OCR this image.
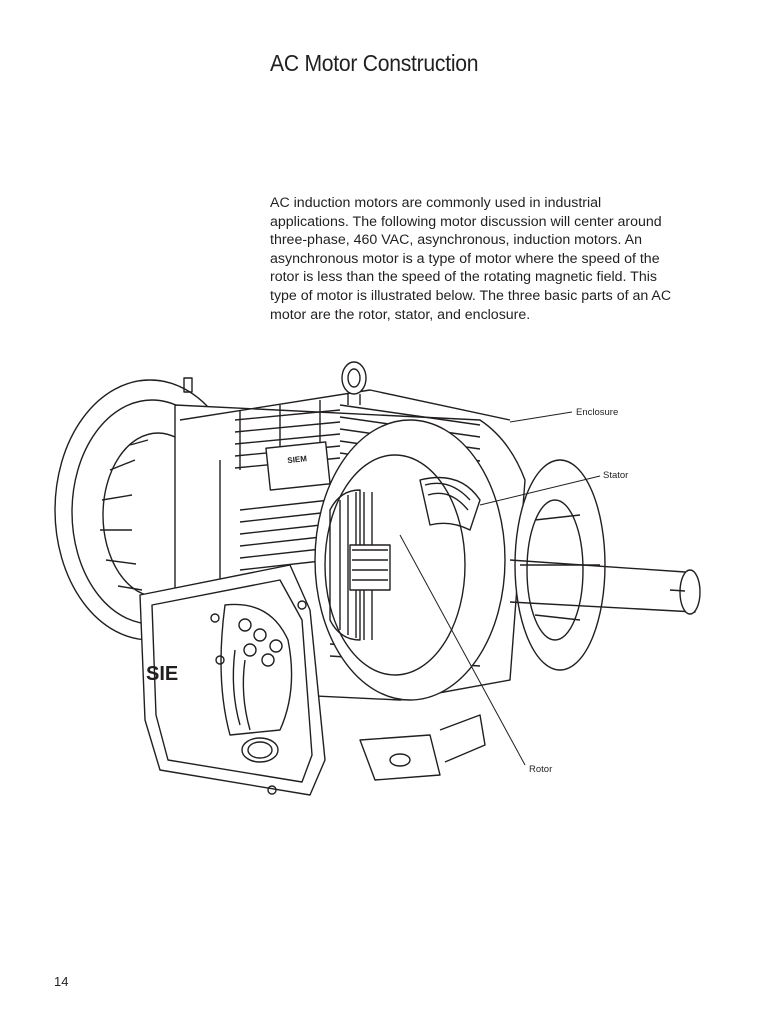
AC Motor Construction
AC induction motors are commonly used in industrial
applications. The following motor discussion will center around
three-phase, 460 VAC, asynchronous, induction motors. An
asynchronous motor is a type of motor where the speed of the
rotor is less than the speed of the rotating magnetic field. This
type of motor is illustrated below. The three basic parts of an AC
motor are the rotor, stator, and enclosure.
SIEM
SIE
Enclosure
Stator
Rotor
14
